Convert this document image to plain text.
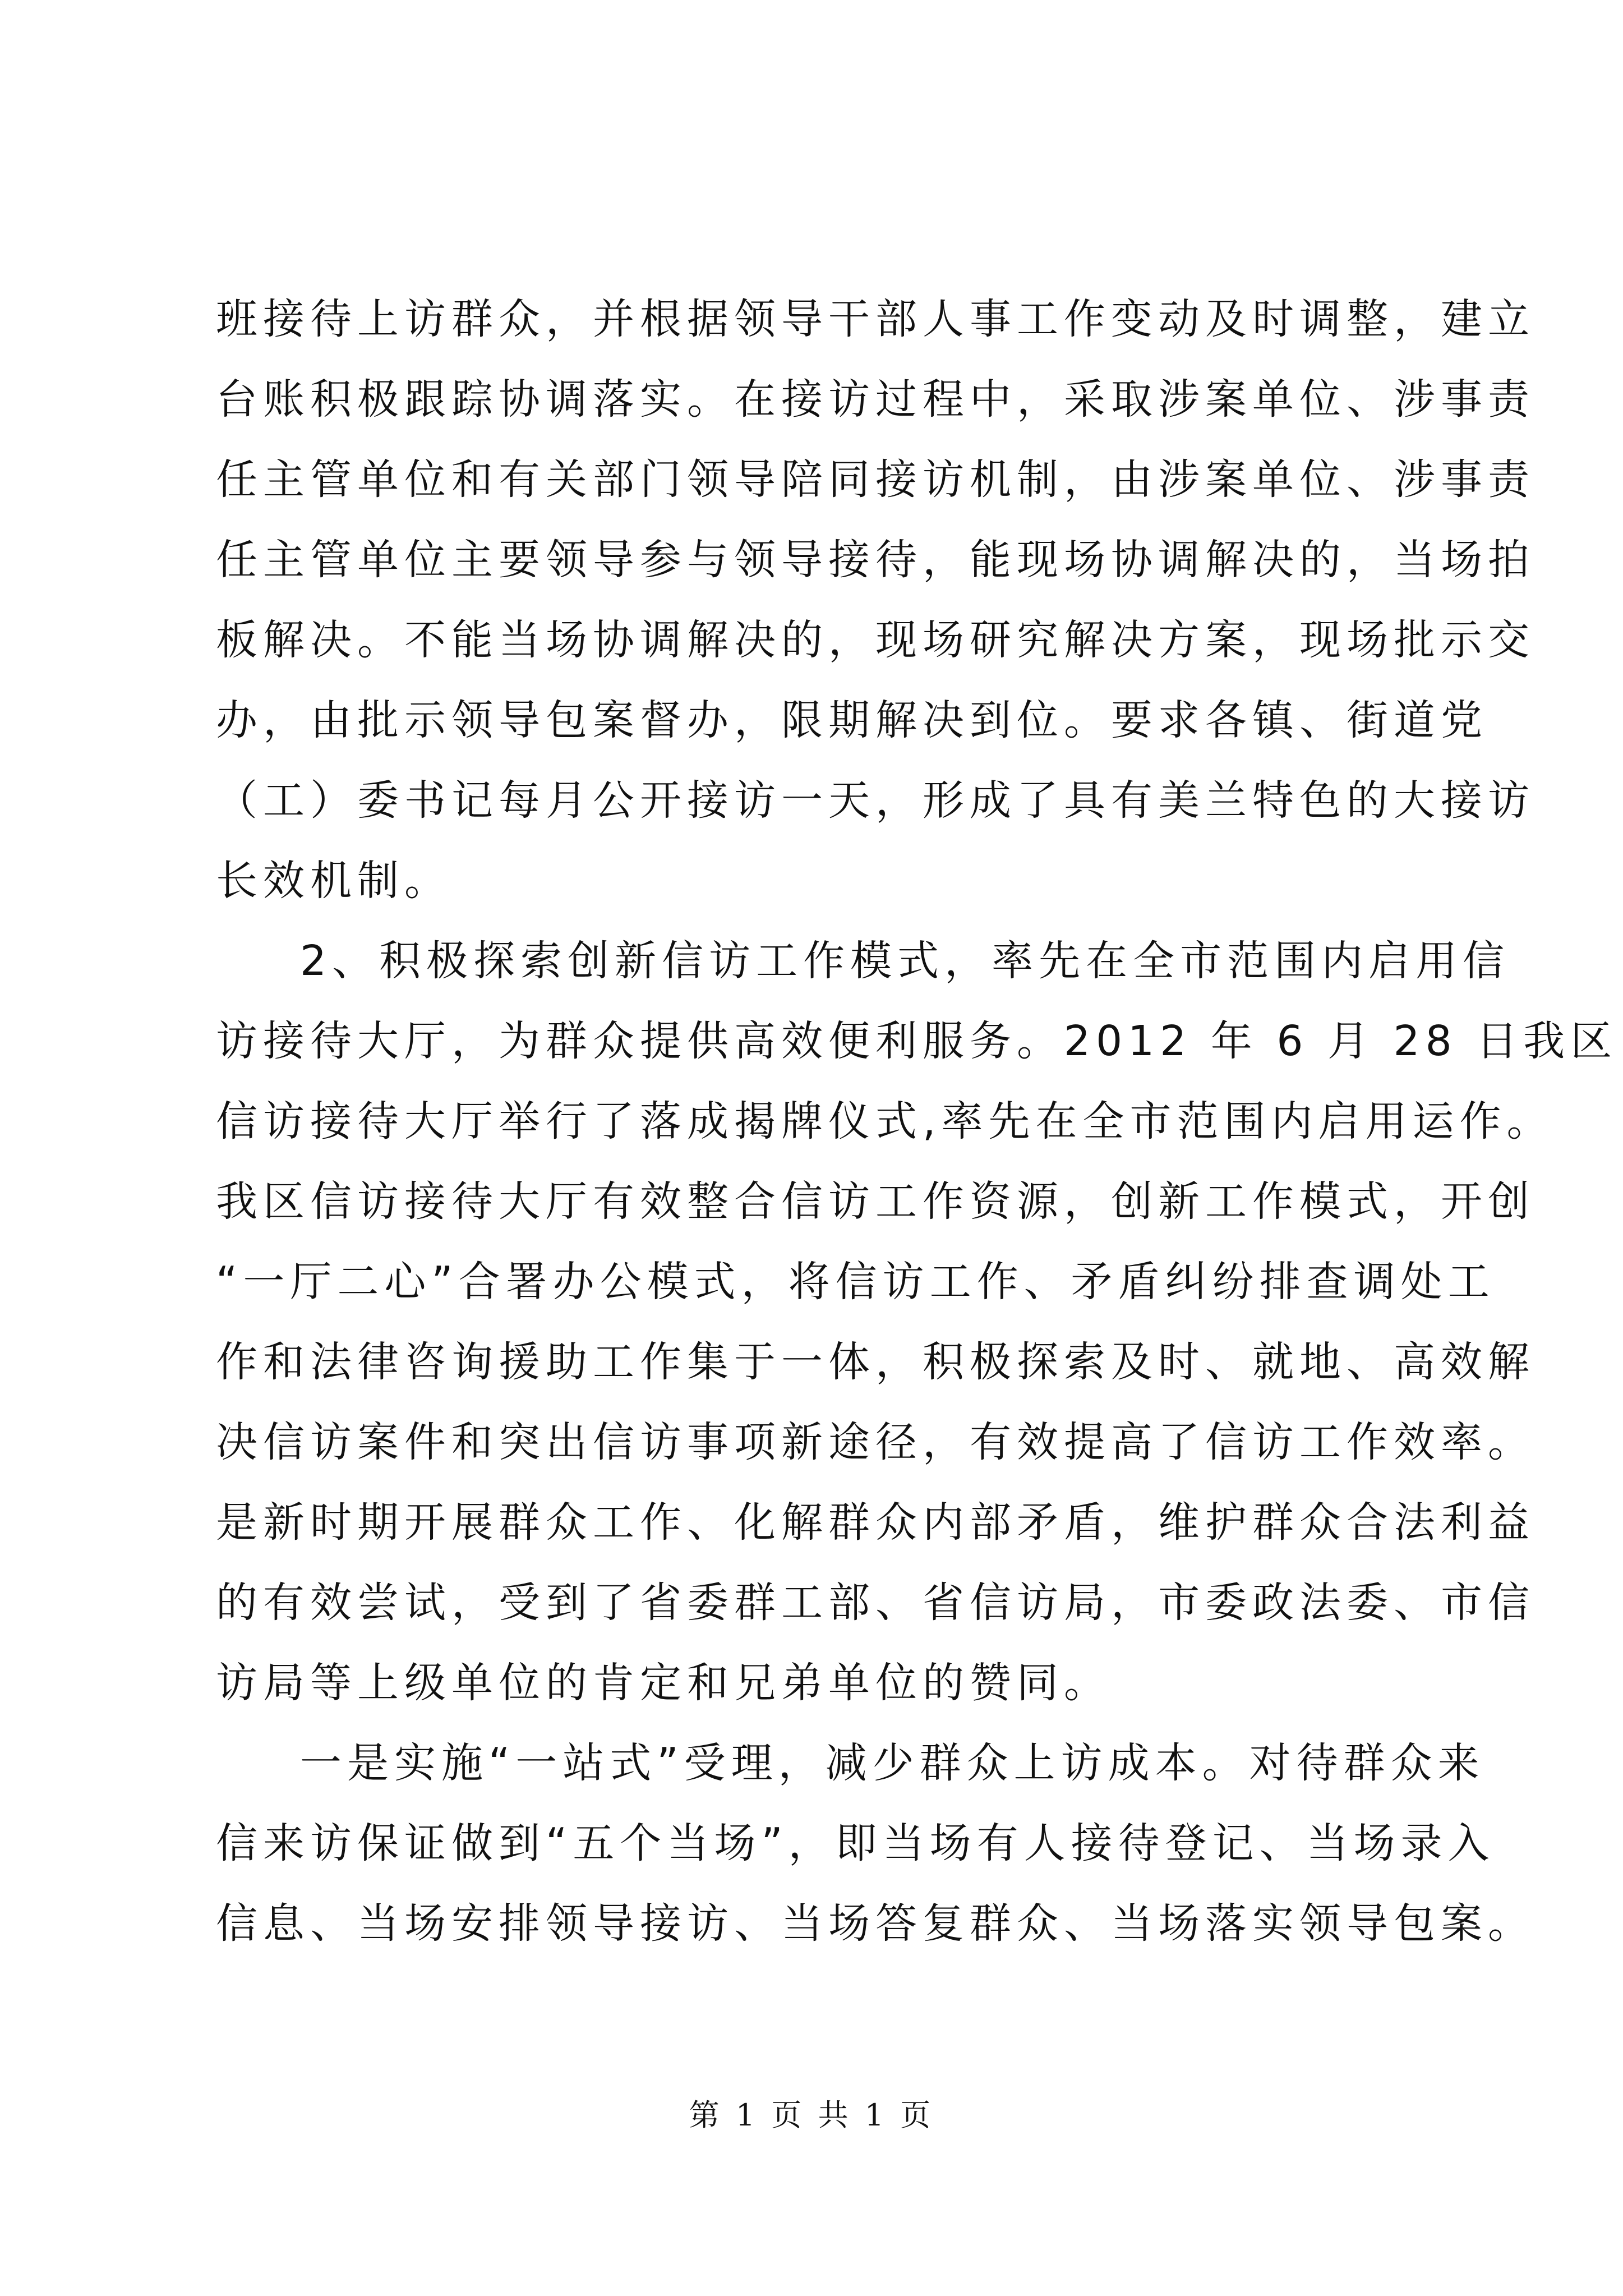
班接待上访群众，并根据领导干部人事工作变动及时调整，建立
台账积极跟踪协调落实。在接访过程中，采取涉案单位、涉事责
任主管单位和有关部门领导陪同接访机制，由涉案单位、涉事责
任主管单位主要领导参与领导接待，能现场协调解决的，当场拍
板解决。不能当场协调解决的，现场研究解决方案，现场批示交
办，由批示领导包案督办，限期解决到位。要求各镇、街道党
（工）委书记每月公开接访一天，形成了具有美兰特色的大接访
长效机制。
2、积极探索创新信访工作模式，率先在全市范围内启用信
访接待大厅，为群众提供高效便利服务。2012 年 6 月 28 日我区
信访接待大厅举行了落成揭牌仪式,率先在全市范围内启用运作。
我区信访接待大厅有效整合信访工作资源，创新工作模式，开创
“一厅二心”合署办公模式，将信访工作、矛盾纠纷排查调处工
作和法律咨询援助工作集于一体，积极探索及时、就地、高效解
决信访案件和突出信访事项新途径，有效提高了信访工作效率。
是新时期开展群众工作、化解群众内部矛盾，维护群众合法利益
的有效尝试，受到了省委群工部、省信访局，市委政法委、市信
访局等上级单位的肯定和兄弟单位的赞同。
一是实施“一站式”受理，减少群众上访成本。对待群众来
信来访保证做到“五个当场”，即当场有人接待登记、当场录入
信息、当场安排领导接访、当场答复群众、当场落实领导包案。
第 1 页 共 1 页
